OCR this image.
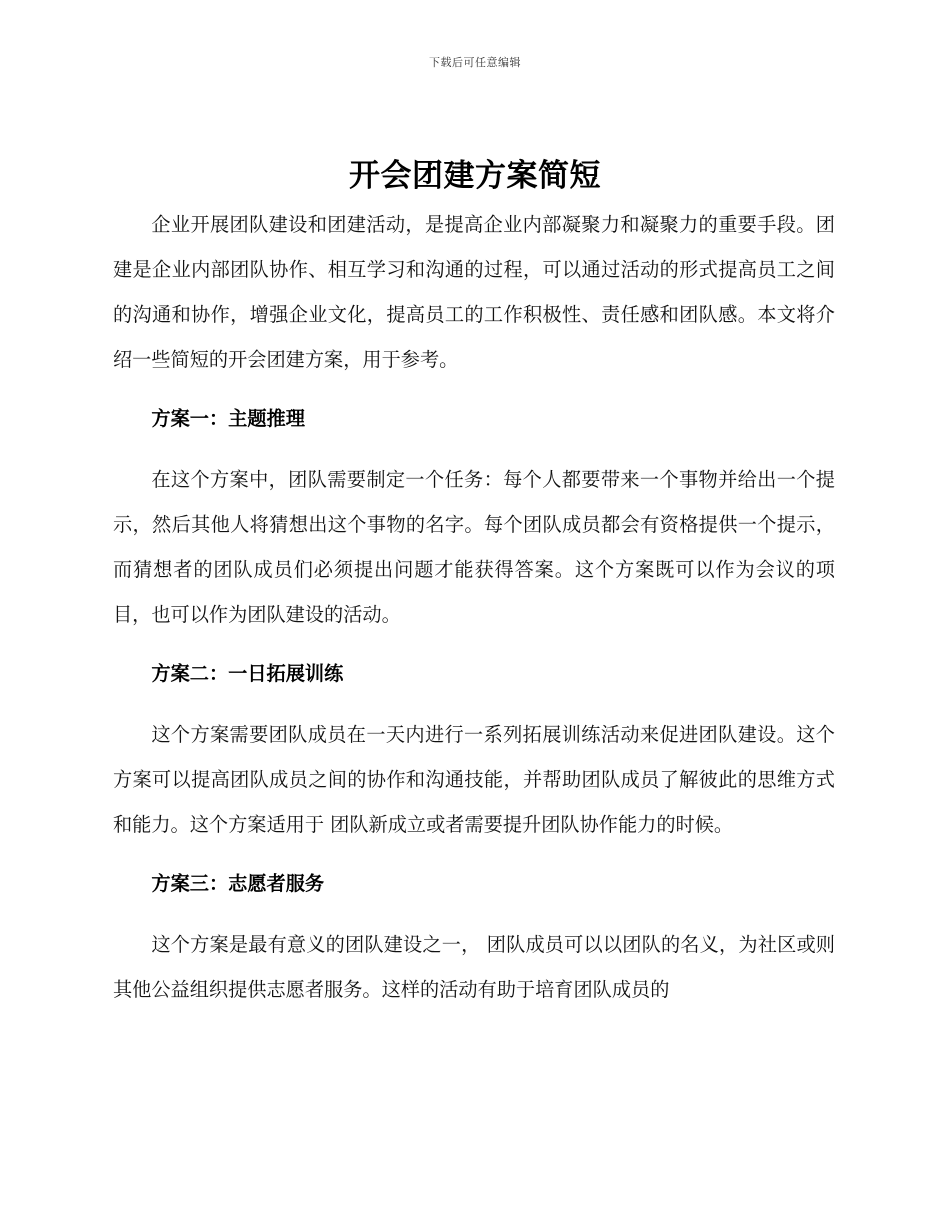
下载后可任意编辑
开会团建方案简短

企业开展团队建设和团建活动，是提高企业内部凝聚力和凝聚力的重要手段。团建是企业内部团队协作、相互学习和沟通的过程，可以通过活动的形式提高员工之间的沟通和协作，增强企业文化，提高员工的工作积极性、责任感和团队感。本文将介绍一些简短的开会团建方案，用于参考。

方案一：主题推理

在这个方案中，团队需要制定一个任务：每个人都要带来一个事物并给出一个提示，然后其他人将猜想出这个事物的名字。每个团队成员都会有资格提供一个提示，而猜想者的团队成员们必须提出问题才能获得答案。这个方案既可以作为会议的项目，也可以作为团队建设的活动。

方案二：一日拓展训练

这个方案需要团队成员在一天内进行一系列拓展训练活动来促进团队建设。这个方案可以提高团队成员之间的协作和沟通技能，并帮助团队成员了解彼此的思维方式和能力。这个方案适用于 团队新成立或者需要提升团队协作能力的时候。

方案三：志愿者服务

这个方案是最有意义的团队建设之一， 团队成员可以以团队的名义，为社区或则其他公益组织提供志愿者服务。这样的活动有助于培育团队成员的
